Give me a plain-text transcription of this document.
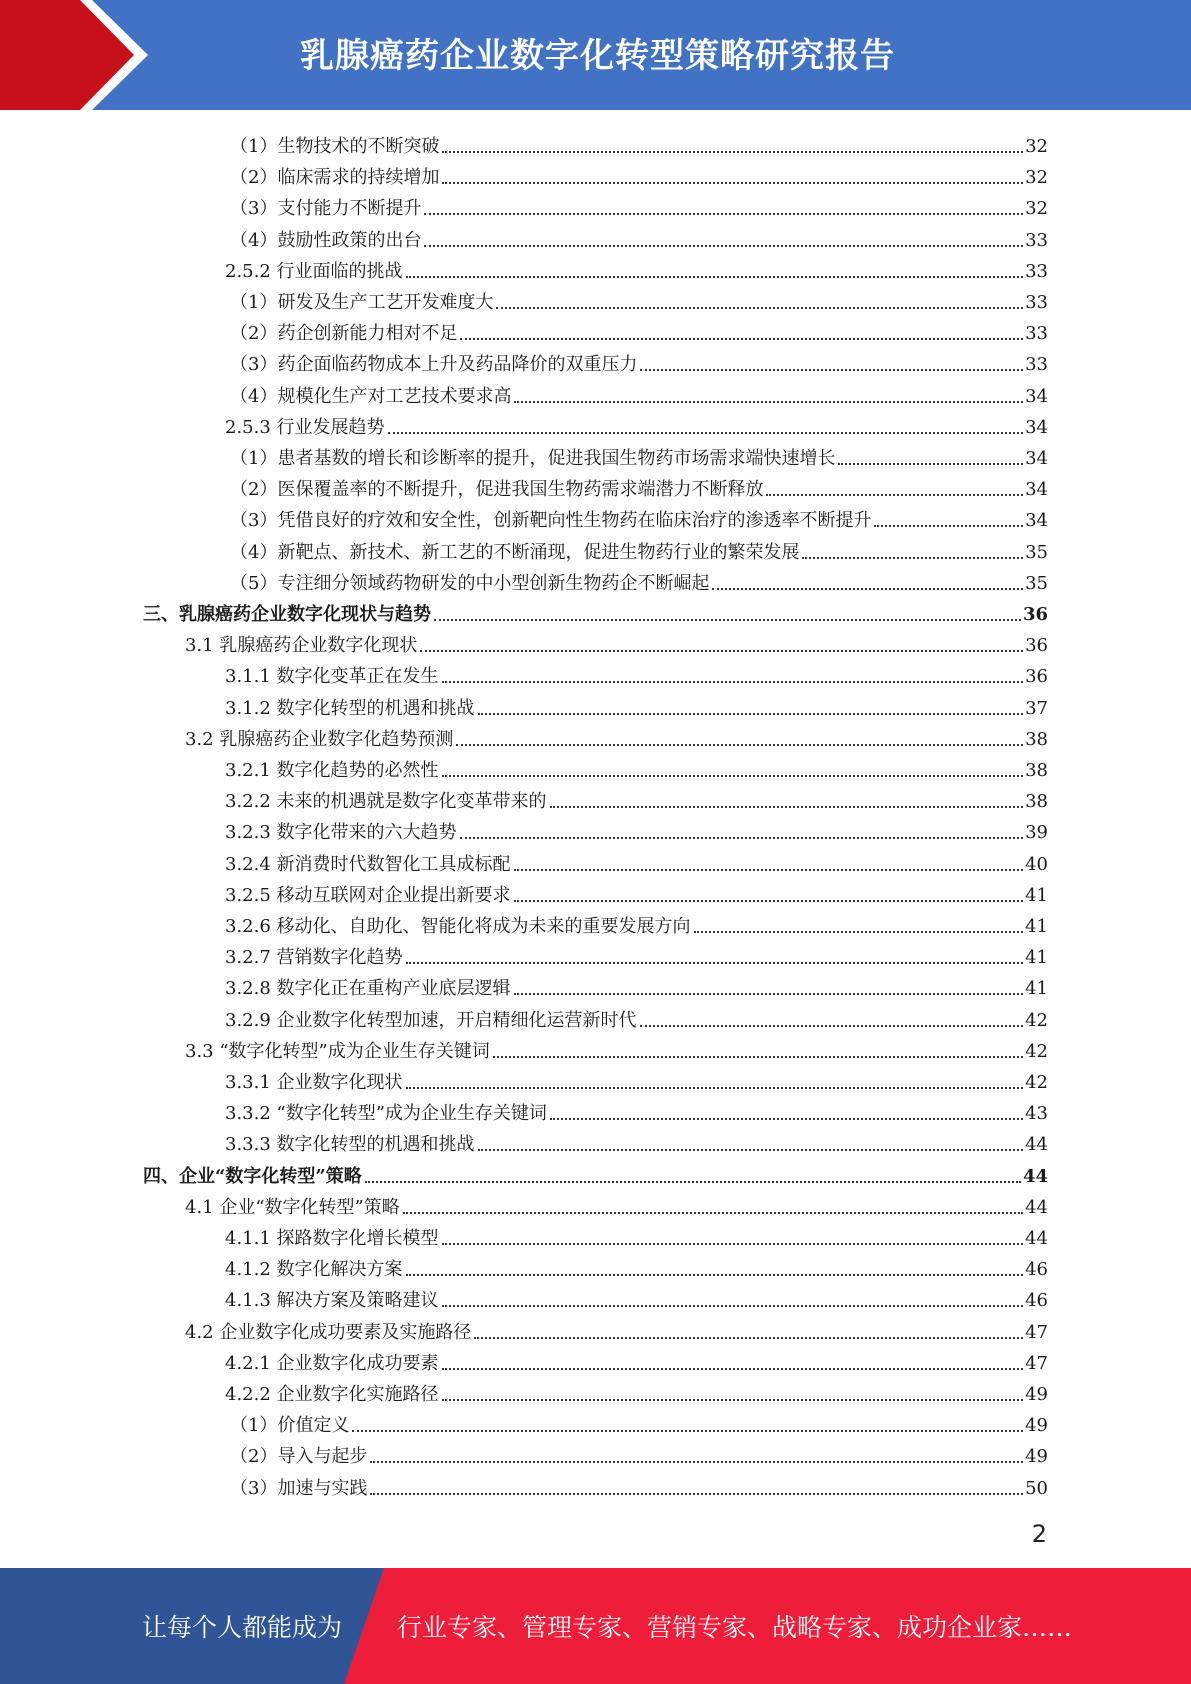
乳腺癌药企业数字化转型策略研究报告
（1）生物技术的不断突破	32
（2）临床需求的持续增加	32
（3）支付能力不断提升	32
（4）鼓励性政策的出台	33
2.5.2 行业面临的挑战	33
（1）研发及生产工艺开发难度大	33
（2）药企创新能力相对不足	33
（3）药企面临药物成本上升及药品降价的双重压力	33
（4）规模化生产对工艺技术要求高	34
2.5.3 行业发展趋势	34
（1）患者基数的增长和诊断率的提升，促进我国生物药市场需求端快速增长	34
（2）医保覆盖率的不断提升，促进我国生物药需求端潜力不断释放	34
（3）凭借良好的疗效和安全性，创新靶向性生物药在临床治疗的渗透率不断提升	34
（4）新靶点、新技术、新工艺的不断涌现，促进生物药行业的繁荣发展	35
（5）专注细分领域药物研发的中小型创新生物药企不断崛起	35
三、乳腺癌药企业数字化现状与趋势	36
3.1 乳腺癌药企业数字化现状	36
3.1.1 数字化变革正在发生	36
3.1.2 数字化转型的机遇和挑战	37
3.2 乳腺癌药企业数字化趋势预测	38
3.2.1 数字化趋势的必然性	38
3.2.2 未来的机遇就是数字化变革带来的	38
3.2.3 数字化带来的六大趋势	39
3.2.4 新消费时代数智化工具成标配	40
3.2.5 移动互联网对企业提出新要求	41
3.2.6 移动化、自助化、智能化将成为未来的重要发展方向	41
3.2.7 营销数字化趋势	41
3.2.8 数字化正在重构产业底层逻辑	41
3.2.9 企业数字化转型加速，开启精细化运营新时代	42
3.3 “数字化转型”成为企业生存关键词	42
3.3.1 企业数字化现状	42
3.3.2 “数字化转型”成为企业生存关键词	43
3.3.3 数字化转型的机遇和挑战	44
四、企业“数字化转型”策略	44
4.1 企业“数字化转型”策略	44
4.1.1 探路数字化增长模型	44
4.1.2 数字化解决方案	46
4.1.3 解决方案及策略建议	46
4.2 企业数字化成功要素及实施路径	47
4.2.1 企业数字化成功要素	47
4.2.2 企业数字化实施路径	49
（1）价值定义	49
（2）导入与起步	49
（3）加速与实践	50
2
让每个人都能成为 行业专家、管理专家、营销专家、战略专家、成功企业家……
